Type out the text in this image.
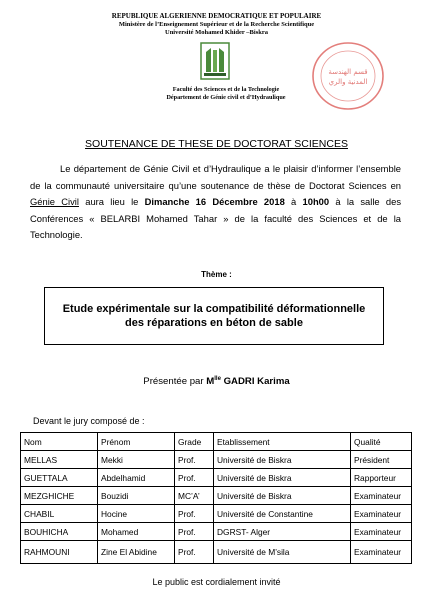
REPUBLIQUE ALGERIENNE DEMOCRATIQUE ET POPULAIRE
Ministère de l’Enseignement Supérieur et de la Recherche Scientifique
Université Mohamed Khider –Biskra
Faculté des Sciences et de la Technologie
Département de Génie civil et d’Hydraulique
قسم الهندسة
المدنية والري
SOUTENANCE DE THESE DE DOCTORAT SCIENCES
Le département de Génie Civil et d’Hydraulique a le plaisir d’informer l’ensemble de la communauté universitaire qu’une soutenance de thèse de Doctorat Sciences en Génie Civil aura lieu le Dimanche 16 Décembre 2018 à 10h00 à la salle des Conférences « BELARBI Mohamed Tahar » de la faculté des Sciences et de la Technologie.
Thème :
Etude expérimentale sur la compatibilité déformationnelle
des réparations en béton de sable
Présentée par $M^{lle}$ GADRI Karima
Devant le jury composé de :
Nom	Prénom	Grade	Etablissement	Qualité
MELLAS	Mekki	Prof.	Université de Biskra	Président
GUETTALA	Abdelhamid	Prof.	Université de Biskra	Rapporteur
MEZGHICHE	Bouzidi	MC’A’	Université de Biskra	Examinateur
CHABIL	Hocine	Prof.	Université de Constantine	Examinateur
BOUHICHA	Mohamed	Prof.	DGRST- Alger	Examinateur
RAHMOUNI	Zine El Abidine	Prof.	Université de M’sila	Examinateur
Le public est cordialement invité
